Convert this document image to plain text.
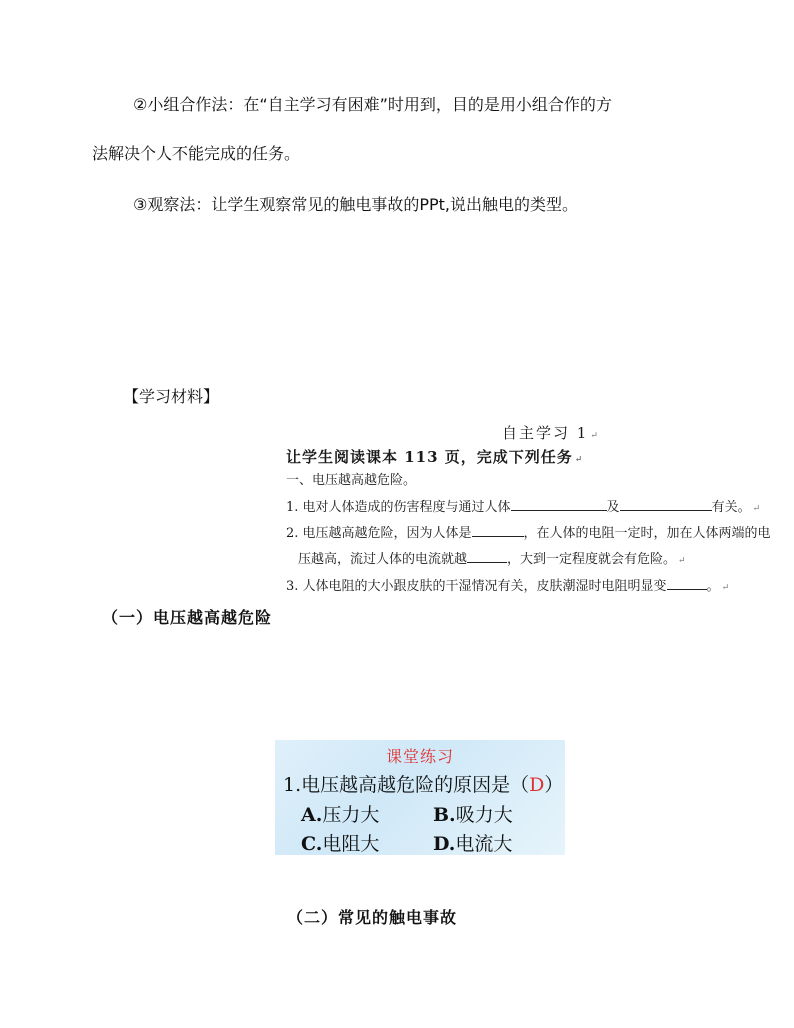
②小组合作法：在“自主学习有困难”时用到，目的是用小组合作的方

法解决个人不能完成的任务。

③观察法：让学生观察常见的触电事故的PPt,说出触电的类型。

【学习材料】

自主学习 1 ↵

让学生阅读课本 113 页，完成下列任务 ↵

一、电压越高越危险。

1. 电对人体造成的伤害程度与通过人体	及	有关。 ↵

2. 电压越高越危险，因为人体是	，在人体的电阻一定时，加在人体两端的电

压越高，流过人体的电流就越	，大到一定程度就会有危险。 ↵

3. 人体电阻的大小跟皮肤的干湿情况有关，皮肤潮湿时电阻明显变	。 ↵

（一）电压越高越危险

课堂练习

1.电压越高越危险的原因是（D）

A.压力大	B.吸力大

C.电阻大	D.电流大

（二）常见的触电事故
